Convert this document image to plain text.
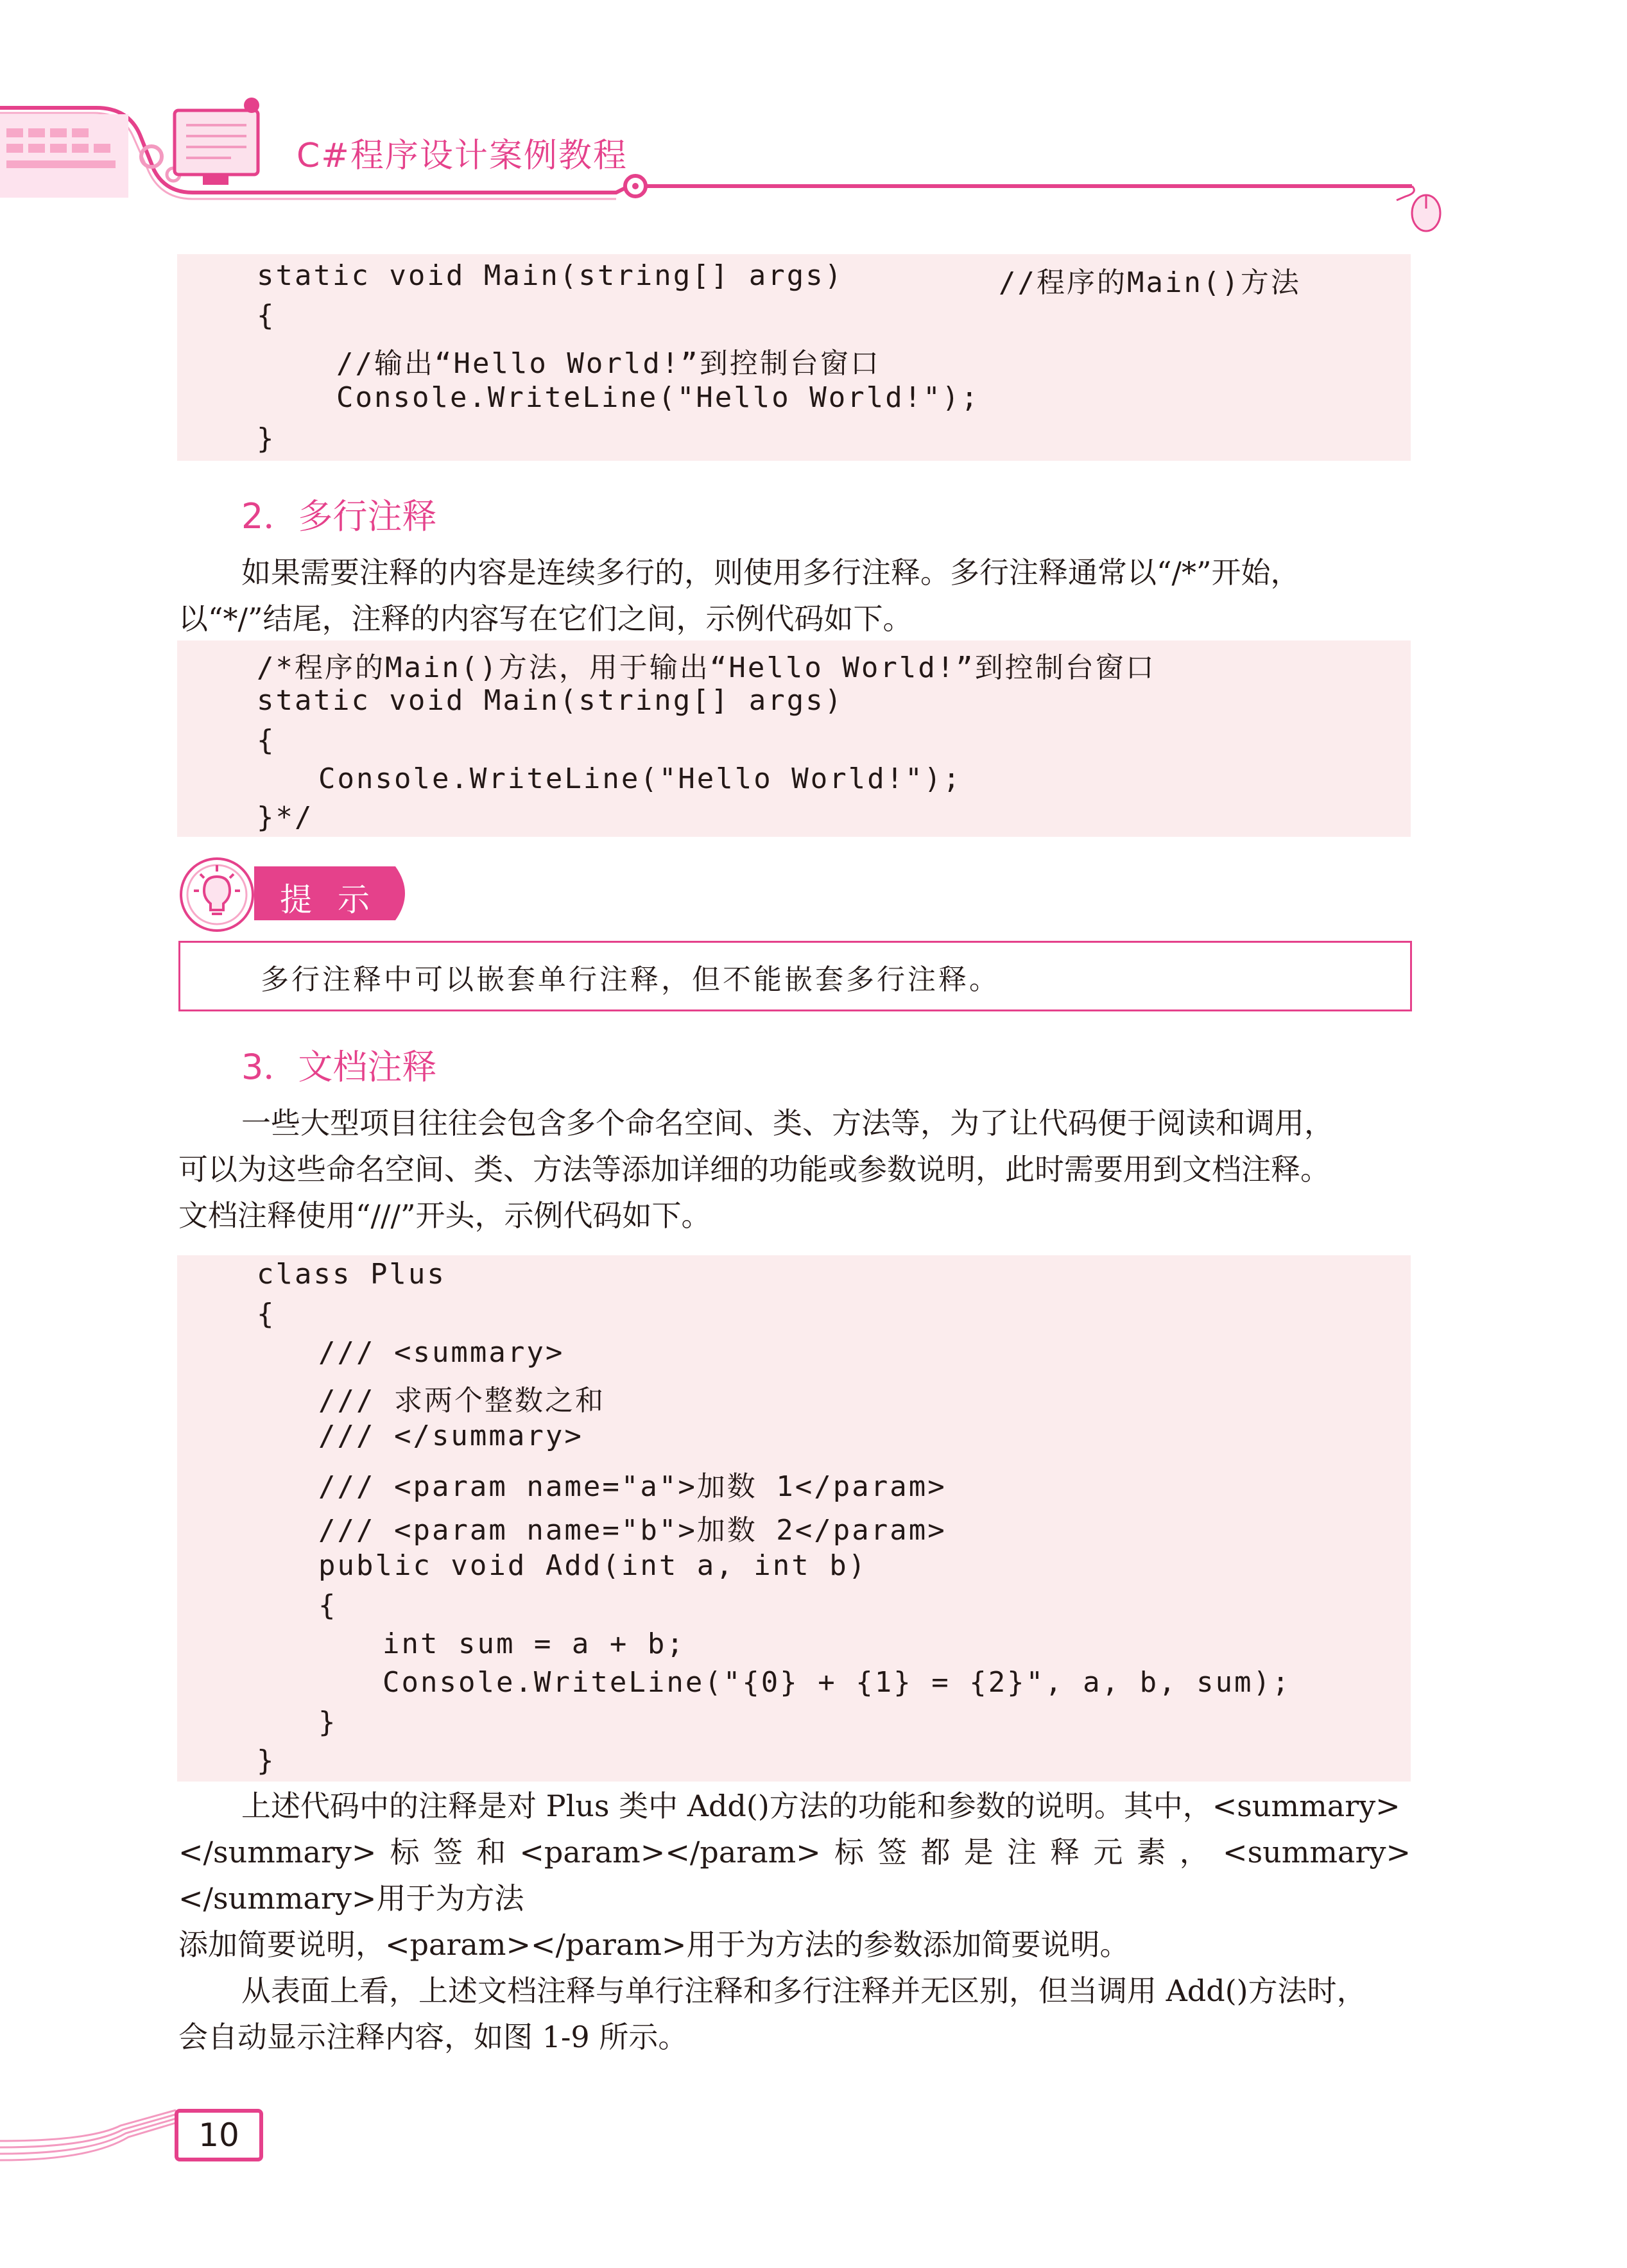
C#程序设计案例教程
static void Main(string[] args)	//程序的Main()方法
{
//输出“Hello World!”到控制台窗口
Console.WriteLine("Hello World!");
}
2．多行注释
如果需要注释的内容是连续多行的，则使用多行注释。多行注释通常以“/*”开始，
以“*/”结尾，注释的内容写在它们之间，示例代码如下。
/*程序的Main()方法，用于输出“Hello World!”到控制台窗口
static void Main(string[] args)
{
Console.WriteLine("Hello World!");
}*/
提示
多行注释中可以嵌套单行注释，但不能嵌套多行注释。
3．文档注释
一些大型项目往往会包含多个命名空间、类、方法等，为了让代码便于阅读和调用，
可以为这些命名空间、类、方法等添加详细的功能或参数说明，此时需要用到文档注释。
文档注释使用“///”开头，示例代码如下。
class Plus
{
/// <summary>
/// 求两个整数之和
/// </summary>
/// <param name="a">加数 1</param>
/// <param name="b">加数 2</param>
public void Add(int a, int b)
{
int sum = a + b;
Console.WriteLine("{0} + {1} = {2}", a, b, sum);
}
}
上述代码中的注释是对 Plus 类中 Add()方法的功能和参数的说明。其中，<summary>
</summary>标签和<param></param>标签都是注释元素，<summary></summary>用于为方法
添加简要说明，<param></param>用于为方法的参数添加简要说明。
从表面上看，上述文档注释与单行注释和多行注释并无区别，但当调用 Add()方法时，
会自动显示注释内容，如图 1-9 所示。
10
